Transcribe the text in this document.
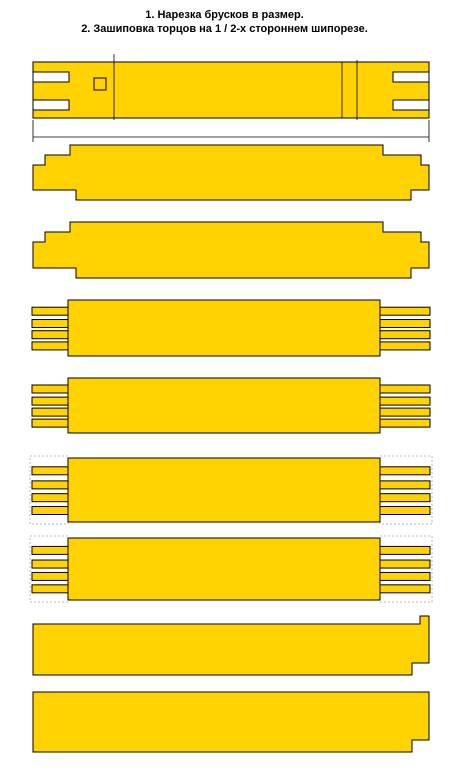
1. Нарезка брусков в размер.
2. Зашиповка торцов на 1 / 2-х стороннем шипорезе.
